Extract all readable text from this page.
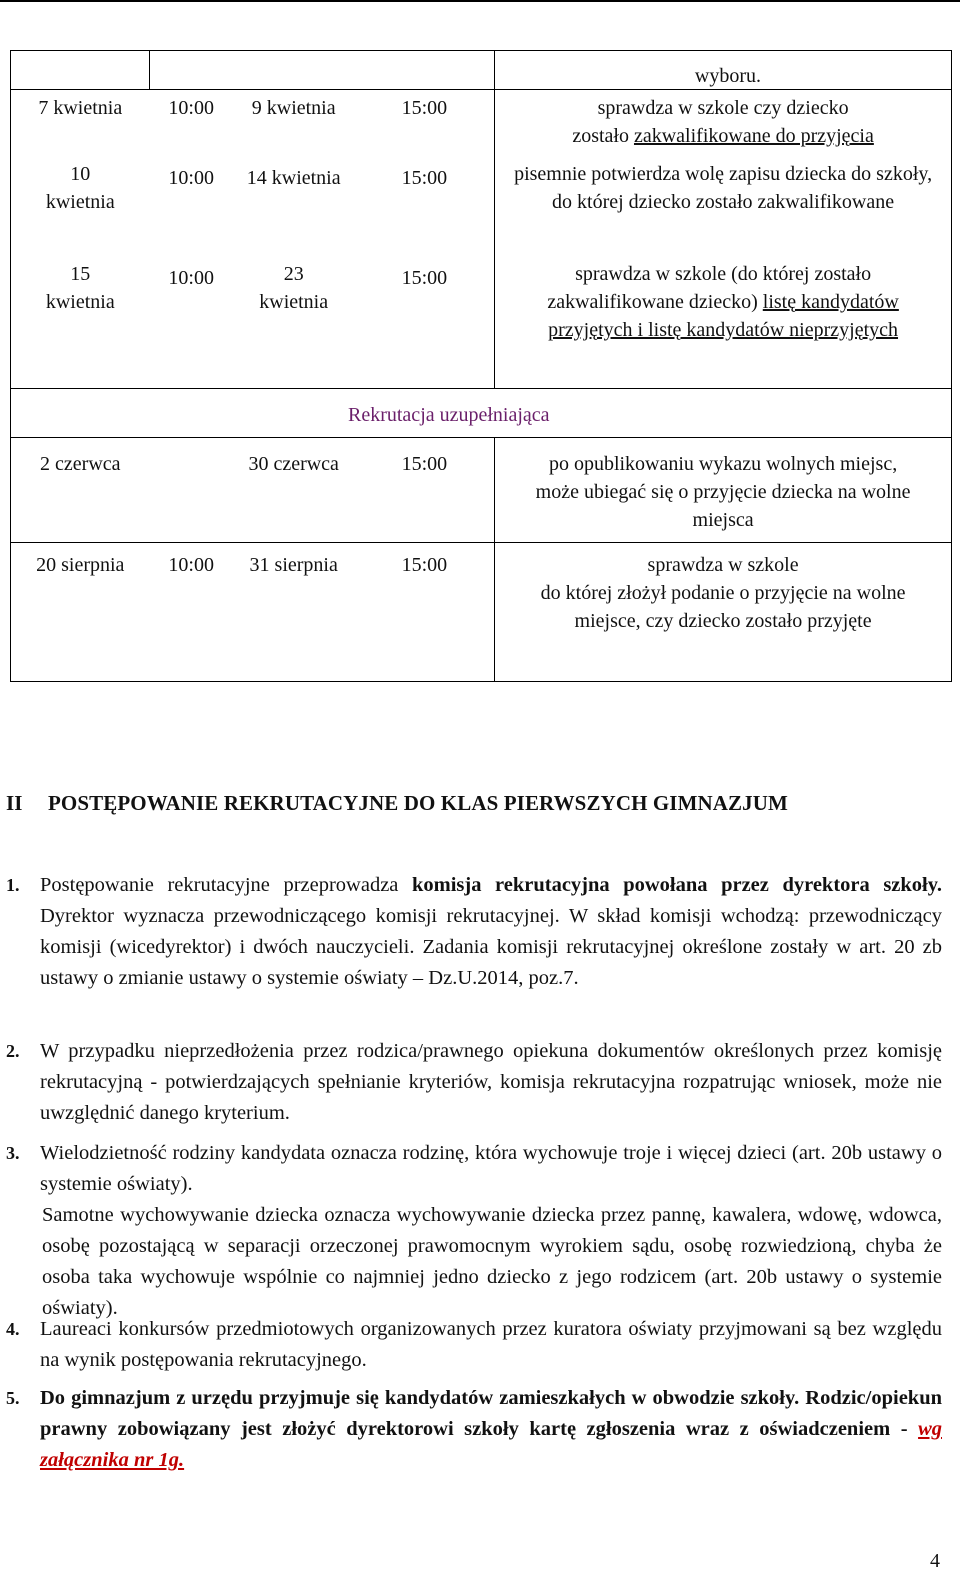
				wyboru.

7 kwietnia	10:00	9 kwietnia	15:00	sprawdza w szkole czy dziecko
zostało zakwalifikowane do przyjęcia

10 kwietnia	10:00	14 kwietnia	15:00	pisemnie potwierdza wolę zapisu dziecka do szkoły, do której dziecko zostało zakwalifikowane

15 kwietnia	10:00	23 kwietnia	15:00	sprawdza w szkole (do której zostało zakwalifikowane dziecko) listę kandydatów przyjętych i listę kandydatów nieprzyjętych

Rekrutacja uzupełniająca				

2 czerwca		30 czerwca	15:00	po opublikowaniu wykazu wolnych miejsc, może ubiegać się o przyjęcie dziecka na wolne miejsca

20 sierpnia	10:00	31 sierpnia	15:00	sprawdza w szkole
do której złożył podanie o przyjęcie na wolne miejsce, czy dziecko zostało przyjęte
II POSTĘPOWANIE REKRUTACYJNE DO KLAS PIERWSZYCH GIMNAZJUM
1.	Postępowanie rekrutacyjne przeprowadza komisja rekrutacyjna powołana przez dyrektora szkoły. Dyrektor wyznacza przewodniczącego komisji rekrutacyjnej. W skład komisji wchodzą: przewodniczący komisji (wicedyrektor) i dwóch nauczycieli. Zadania komisji rekrutacyjnej określone zostały w art. 20 zb ustawy o zmianie ustawy o systemie oświaty – Dz.U.2014, poz.7.
2.	W przypadku nieprzedłożenia przez rodzica/prawnego opiekuna dokumentów określonych przez komisję rekrutacyjną - potwierdzających spełnianie kryteriów, komisja rekrutacyjna rozpatrując wniosek, może nie uwzględnić danego kryterium.
3.	Wielodzietność rodziny kandydata oznacza rodzinę, która wychowuje troje i więcej dzieci (art. 20b ustawy o systemie oświaty).
Samotne wychowywanie dziecka oznacza wychowywanie dziecka przez pannę, kawalera, wdowę, wdowca, osobę pozostającą w separacji orzeczonej prawomocnym wyrokiem sądu, osobę rozwiedzioną, chyba że osoba taka wychowuje wspólnie co najmniej jedno dziecko z jego rodzicem (art. 20b ustawy o systemie oświaty).
4.	Laureaci konkursów przedmiotowych organizowanych przez kuratora oświaty przyjmowani są bez względu na wynik postępowania rekrutacyjnego.
5.	Do gimnazjum z urzędu przyjmuje się kandydatów zamieszkałych w obwodzie szkoły. Rodzic/opiekun prawny zobowiązany jest złożyć dyrektorowi szkoły kartę zgłoszenia wraz z oświadczeniem - wg załącznika nr 1g.
4
